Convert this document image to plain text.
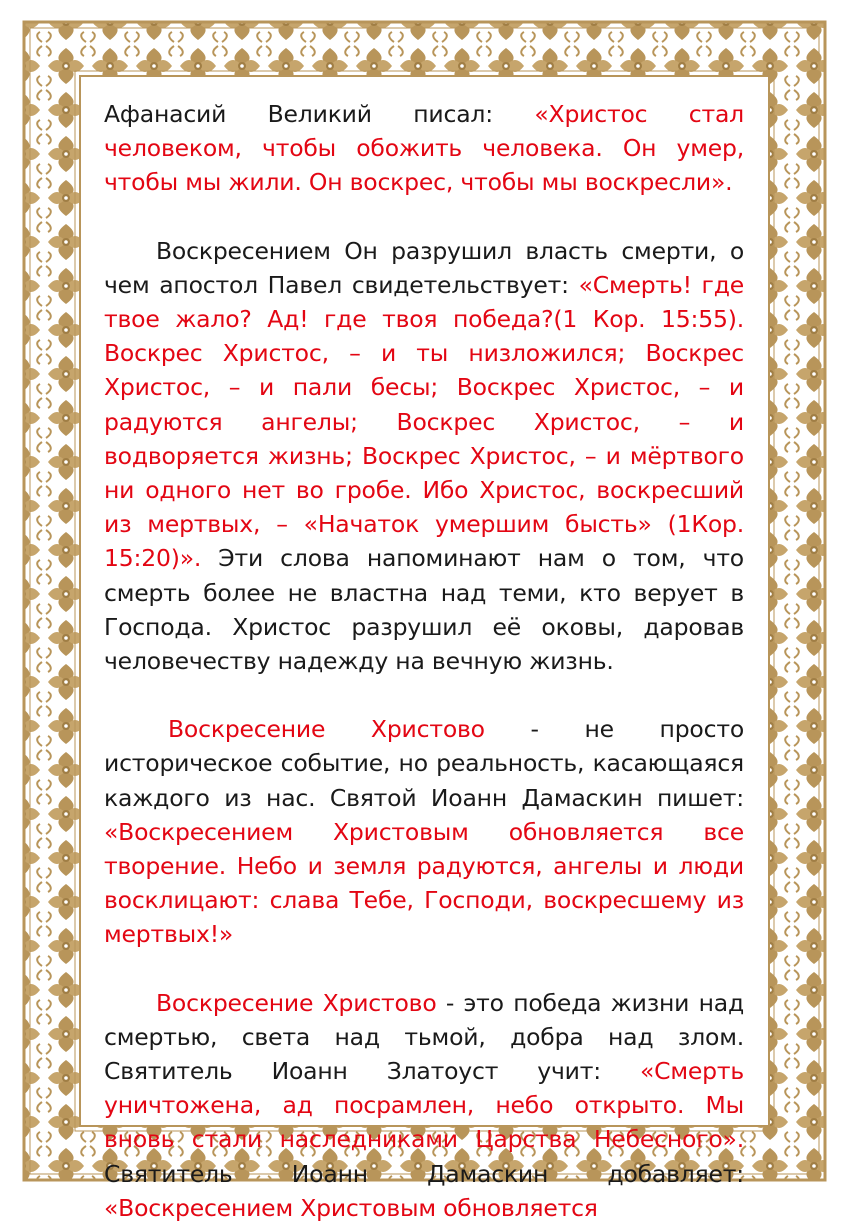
Афанасий Великий писал: «Христос стал человеком, чтобы обожить человека. Он умер, чтобы мы жили. Он воскрес, чтобы мы воскресли».

Воскресением Он разрушил власть смерти, о чем апостол Павел свидетельствует: «Смерть! где твое жало? Ад! где твоя победа?(1 Кор. 15:55). Воскрес Христос, – и ты низложился; Воскрес Христос, – и пали бесы; Воскрес Христос, – и радуются ангелы; Воскрес Христос, – и водворяется жизнь; Воскрес Христос, – и мёртвого ни одного нет во гробе. Ибо Христос, воскресший из мертвых, – «Начаток умершим бысть» (1Кор. 15:20)». Эти слова напоминают нам о том, что смерть более не властна над теми, кто верует в Господа. Христос разрушил её оковы, даровав человечеству надежду на вечную жизнь.

Воскресение Христово - не просто историческое событие, но реальность, касающаяся каждого из нас. Святой Иоанн Дамаскин пишет: «Воскресением Христовым обновляется все творение. Небо и земля радуются, ангелы и люди восклицают: слава Тебе, Господи, воскресшему из мертвых!»

Воскресение Христово - это победа жизни над смертью, света над тьмой, добра над злом. Святитель Иоанн Златоуст учит: «Смерть уничтожена, ад посрамлен, небо открыто. Мы вновь стали наследниками Царства Небесного». Святитель Иоанн Дамаскин добавляет: «Воскресением Христовым обновляется
